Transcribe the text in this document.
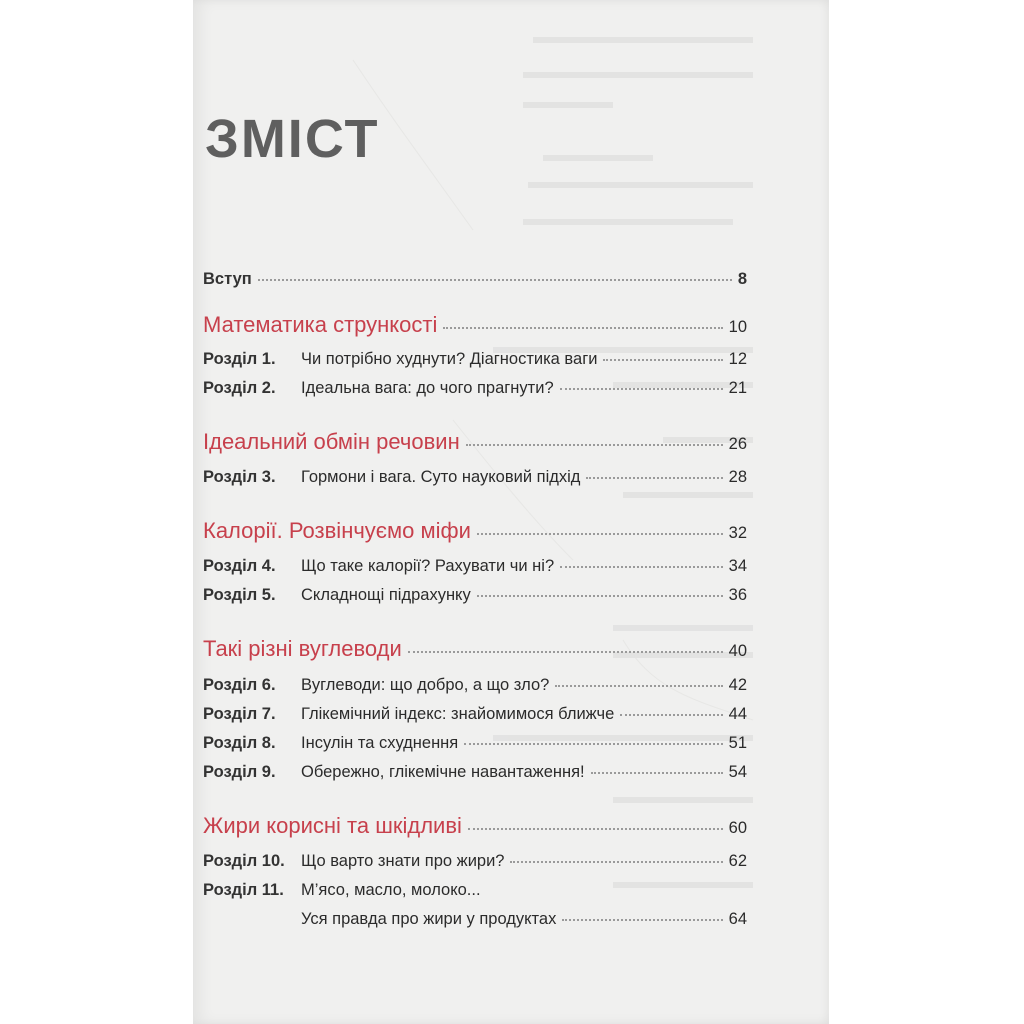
ЗМІСТ
Вступ	8
Математика стрункості	10
Розділ 1.	Чи потрібно худнути? Діагностика ваги	12
Розділ 2.	Ідеальна вага: до чого прагнути?	21
Ідеальний обмін речовин	26
Розділ 3.	Гормони і вага. Суто науковий підхід	28
Калорії. Розвінчуємо міфи	32
Розділ 4.	Що таке калорії? Рахувати чи ні?	34
Розділ 5.	Складнощі підрахунку	36
Такі різні вуглеводи	40
Розділ 6.	Вуглеводи: що добро, а що зло?	42
Розділ 7.	Глікемічний індекс: знайомимося ближче	44
Розділ 8.	Інсулін та схуднення	51
Розділ 9.	Обережно, глікемічне навантаження!	54
Жири корисні та шкідливі	60
Розділ 10. Що варто знати про жири?	62
Розділ 11.	М’ясо, масло, молоко...
Уся правда про жири у продуктах	64
